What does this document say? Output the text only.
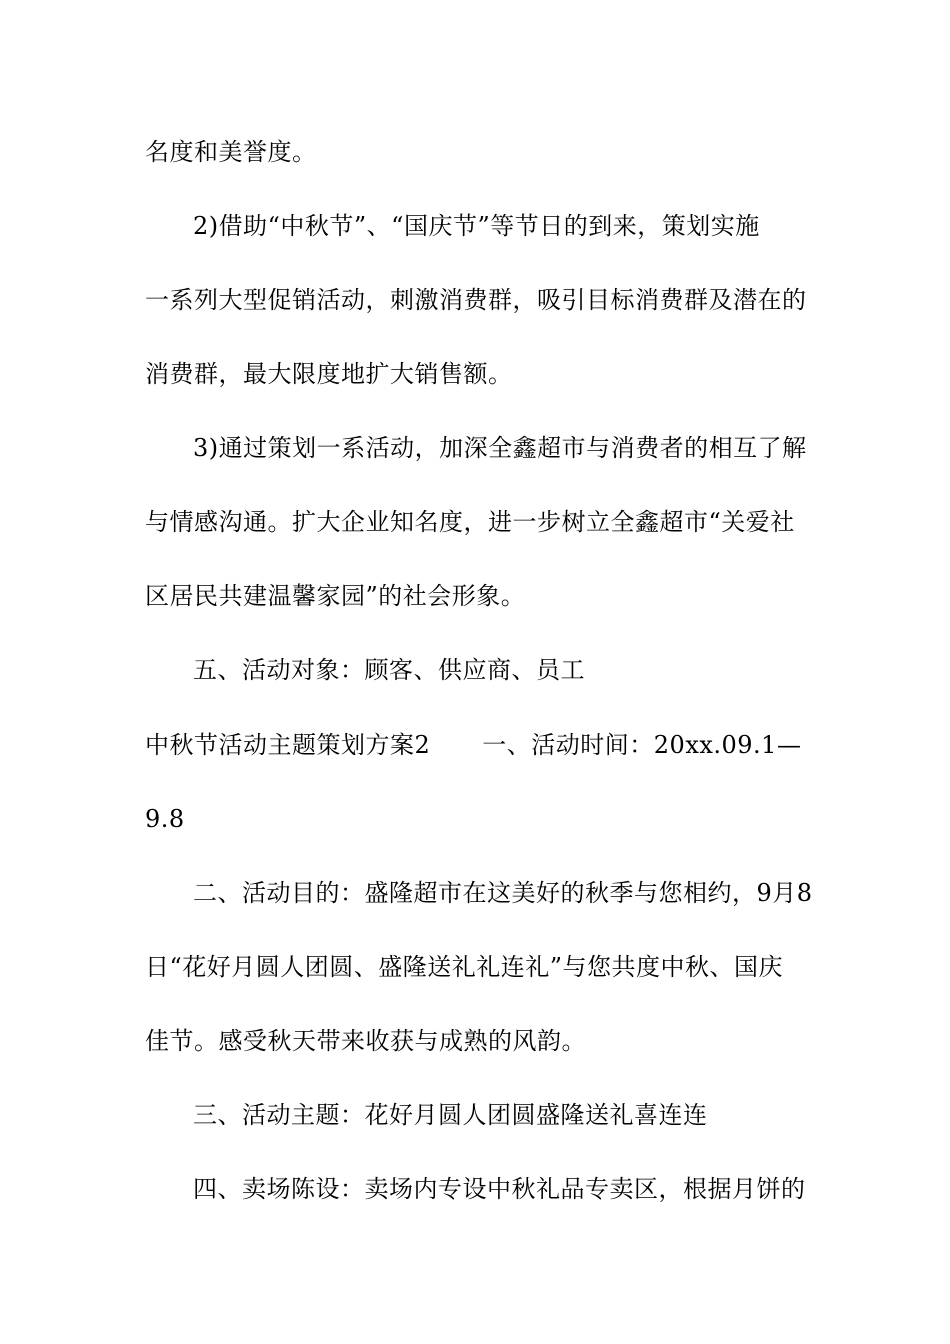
名度和美誉度。
2)借助“中秋节”、“国庆节”等节日的到来，策划实施
一系列大型促销活动，刺激消费群，吸引目标消费群及潜在的
消费群，最大限度地扩大销售额。
3)通过策划一系活动，加深全鑫超市与消费者的相互了解
与情感沟通。扩大企业知名度，进一步树立全鑫超市“关爱社
区居民共建温馨家园”的社会形象。
五、活动对象：顾客、供应商、员工
中秋节活动主题策划方案2 一、活动时间：20xx.09.1—
9.8
二、活动目的：盛隆超市在这美好的秋季与您相约，9月8
日“花好月圆人团圆、盛隆送礼礼连礼”与您共度中秋、国庆
佳节。感受秋天带来收获与成熟的风韵。
三、活动主题：花好月圆人团圆盛隆送礼喜连连
四、卖场陈设：卖场内专设中秋礼品专卖区，根据月饼的
